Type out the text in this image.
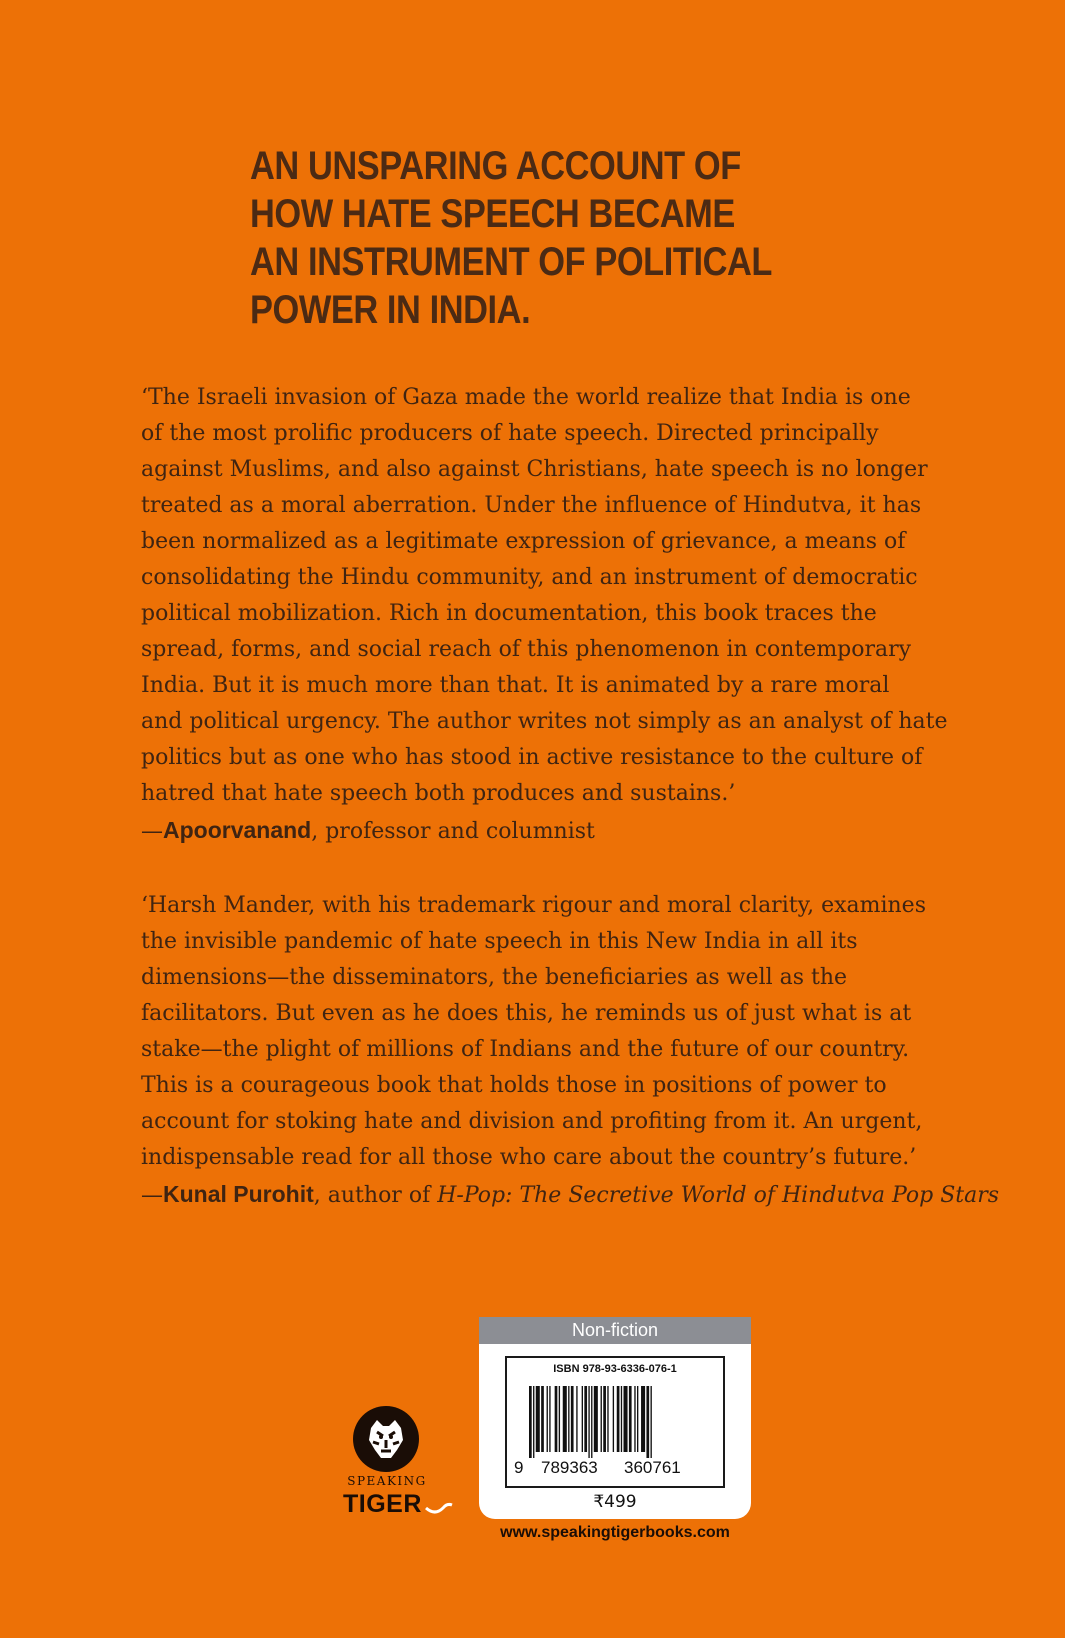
AN UNSPARING ACCOUNT OF
HOW HATE SPEECH BECAME
AN INSTRUMENT OF POLITICAL
POWER IN INDIA.
‘The Israeli invasion of Gaza made the world realize that India is one
of the most prolific producers of hate speech. Directed principally
against Muslims, and also against Christians, hate speech is no longer
treated as a moral aberration. Under the influence of Hindutva, it has
been normalized as a legitimate expression of grievance, a means of
consolidating the Hindu community, and an instrument of democratic
political mobilization. Rich in documentation, this book traces the
spread, forms, and social reach of this phenomenon in contemporary
India. But it is much more than that. It is animated by a rare moral
and political urgency. The author writes not simply as an analyst of hate
politics but as one who has stood in active resistance to the culture of
hatred that hate speech both produces and sustains.’
—Apoorvanand, professor and columnist
‘Harsh Mander, with his trademark rigour and moral clarity, examines
the invisible pandemic of hate speech in this New India in all its
dimensions—the disseminators, the beneficiaries as well as the
facilitators. But even as he does this, he reminds us of just what is at
stake—the plight of millions of Indians and the future of our country.
This is a courageous book that holds those in positions of power to
account for stoking hate and division and profiting from it. An urgent,
indispensable read for all those who care about the country’s future.’
—Kunal Purohit, author of H-Pop: The Secretive World of Hindutva Pop Stars
SPEAKING
TIGER
Non-fiction
ISBN 978-93-6336-076-1
9 789363 360761
₹499
www.speakingtigerbooks.com
